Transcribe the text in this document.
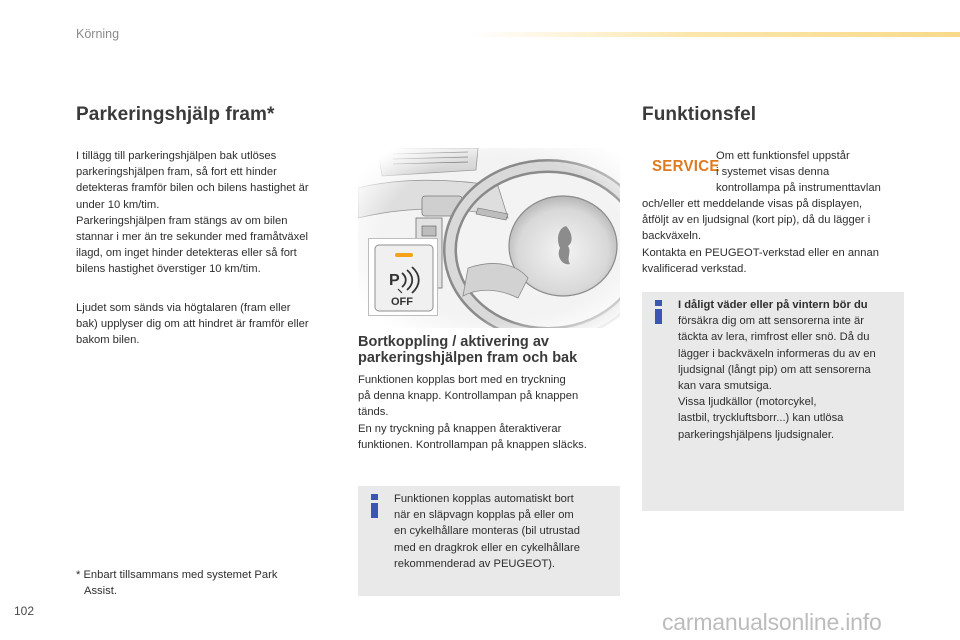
Körning
Parkeringshjälp fram*

I tillägg till parkeringshjälpen bak utlöses

parkeringshjälpen fram, så fort ett hinder

detekteras framför bilen och bilens hastighet är

under 10 km/tim.

Parkeringshjälpen fram stängs av om bilen

stannar i mer än tre sekunder med framåtväxel

ilagd, om inget hinder detekteras eller så fort

bilens hastighet överstiger 10 km/tim.

Ljudet som sänds via högtalaren (fram eller

bak) upplyser dig om att hindret är framför eller

bakom bilen.

* Enbart tillsammans med systemet Park

Assist.

P
OFF
Bortkoppling / aktivering av
parkeringshjälpen fram och bak

Funktionen kopplas bort med en tryckning

på denna knapp. Kontrollampan på knappen

tänds.

En ny tryckning på knappen återaktiverar

funktionen. Kontrollampan på knappen släcks.

Funktionen kopplas automatiskt bort

när en släpvagn kopplas på eller om

en cykelhållare monteras (bil utrustad

med en dragkrok eller en cykelhållare

rekommenderad av PEUGEOT).

Funktionsfel
SERVICE

Om ett funktionsfel uppstår

i systemet visas denna

kontrollampa på instrumenttavlan

och/eller ett meddelande visas på displayen,

åtföljt av en ljudsignal (kort pip), då du lägger i

backväxeln.

Kontakta en PEUGEOT-verkstad eller en annan

kvalificerad verkstad.

I dåligt väder eller på vintern bör du

försäkra dig om att sensorerna inte är

täckta av lera, rimfrost eller snö. Då du

lägger i backväxeln informeras du av en

ljudsignal (långt pip) om att sensorerna

kan vara smutsiga.

Vissa ljudkällor (motorcykel,

lastbil, tryckluftsborr...) kan utlösa

parkeringshjälpens ljudsignaler.

102	carmanualsonline.info
